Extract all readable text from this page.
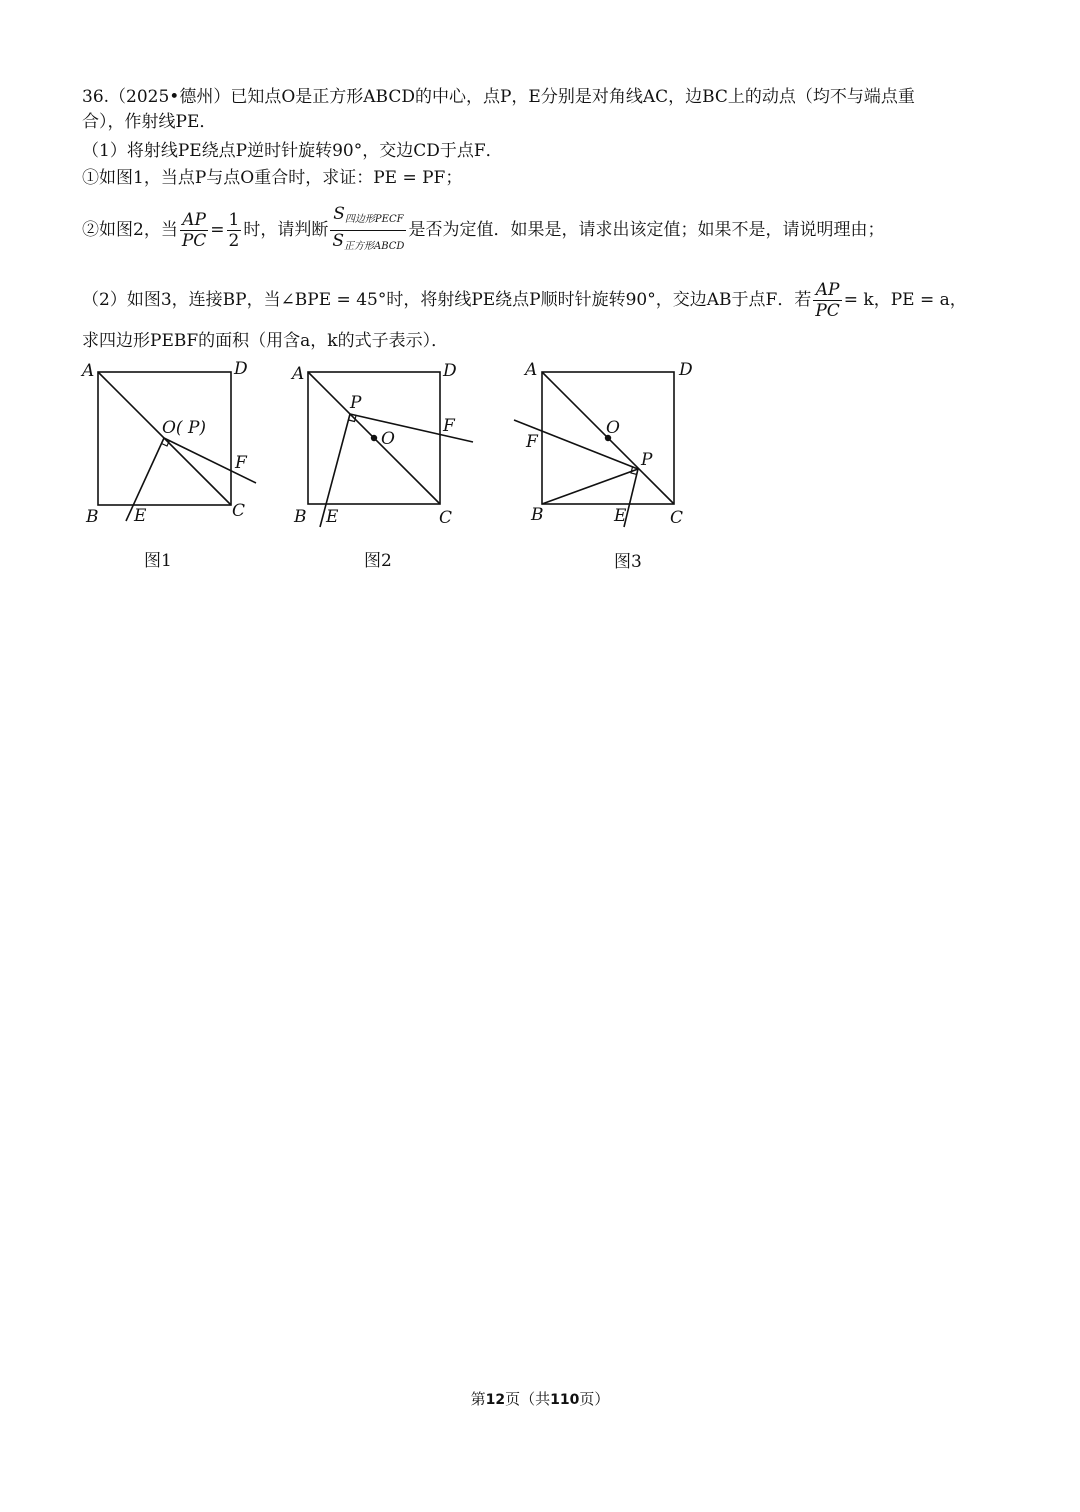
36.（2025•德州）已知点O是正方形ABCD的中心，点P，E分别是对角线AC，边BC上的动点（均不与端点重
合），作射线PE．
（1）将射线PE绕点P逆时针旋转90°，交边CD于点F．
①如图1，当点P与点O重合时，求证：PE = PF；
②如图2，当 $\frac{AP}{PC} = \frac{1}{2}$ 时，请判断 $\frac{S_{四边形PECF}}{S_{正方形ABCD}}$ 是否为定值．如果是，请求出该定值；如果不是，请说明理由；
（2）如图3，连接BP，当∠BPE = 45°时，将射线PE绕点P顺时针旋转90°，交边AB于点F．若 $\frac{AP}{PC} = k$，PE = a，
求四边形PEBF的面积（用含a，k的式子表示）．
A	D
B	C
E
F
O( P)
图1
A	D
B	C
E
F
P
O
图2
A	D
B	C
E
F
P
O
图3
第12页（共110页）
